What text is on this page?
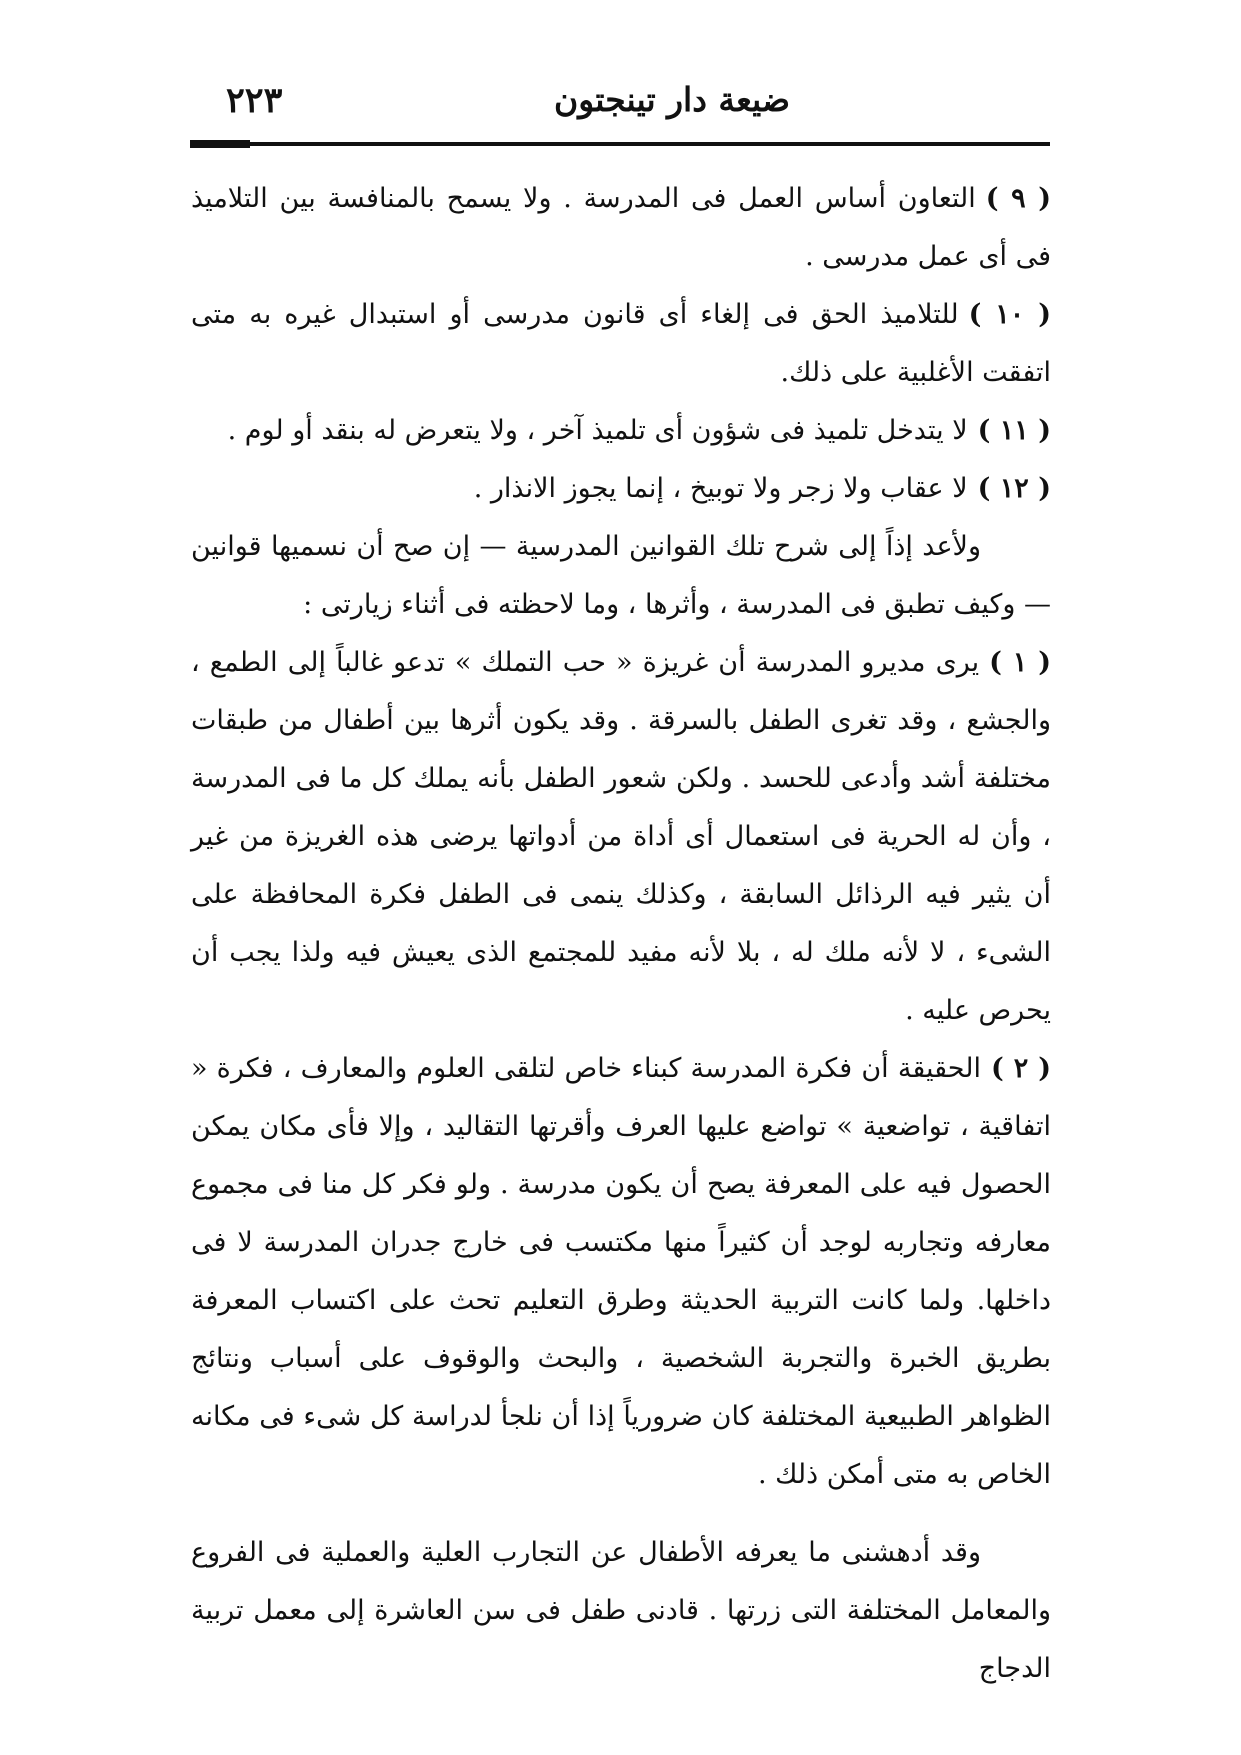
ضيعة دار تينجتون
٢٢٣

( ٩ )التعاون أساس العمل فى المدرسة . ولا يسمح بالمنافسة بين التلاميذ فى أى عمل مدرسى .

( ١٠ )للتلاميذ الحق فى إلغاء أى قانون مدرسى أو استبدال غيره به متى اتفقت الأغلبية على ذلك.

( ١١ )لا يتدخل تلميذ فى شؤون أى تلميذ آخر ، ولا يتعرض له بنقد أو لوم .

( ١٢ )لا عقاب ولا زجر ولا توبيخ ، إنما يجوز الانذار .

ولأعد إذاً إلى شرح تلك القوانين المدرسية — إن صح أن نسميها قوانين — وكيف تطبق فى المدرسة ، وأثرها ، وما لاحظته فى أثناء زيارتى :

( ١ )يرى مديرو المدرسة أن غريزة « حب التملك » تدعو غالباً إلى الطمع ، والجشع ، وقد تغرى الطفل بالسرقة . وقد يكون أثرها بين أطفال من طبقات مختلفة أشد وأدعى للحسد . ولكن شعور الطفل بأنه يملك كل ما فى المدرسة ، وأن له الحرية فى استعمال أى أداة من أدواتها يرضى هذه الغريزة من غير أن يثير فيه الرذائل السابقة ، وكذلك ينمى فى الطفل فكرة المحافظة على الشىء ، لا لأنه ملك له ، بلا لأنه مفيد للمجتمع الذى يعيش فيه ولذا يجب أن يحرص عليه .

( ٢ )الحقيقة أن فكرة المدرسة كبناء خاص لتلقى العلوم والمعارف ، فكرة « اتفاقية ، تواضعية » تواضع عليها العرف وأقرتها التقاليد ، وإلا فأى مكان يمكن الحصول فيه على المعرفة يصح أن يكون مدرسة . ولو فكر كل منا فى مجموع معارفه وتجاربه لوجد أن كثيراً منها مكتسب فى خارج جدران المدرسة لا فى داخلها. ولما كانت التربية الحديثة وطرق التعليم تحث على اكتساب المعرفة بطريق الخبرة والتجربة الشخصية ، والبحث والوقوف على أسباب ونتائج الظواهر الطبيعية المختلفة كان ضرورياً إذا أن نلجأ لدراسة كل شىء فى مكانه الخاص به متى أمكن ذلك .

وقد أدهشنى ما يعرفه الأطفال عن التجارب العلية والعملية فى الفروع والمعامل المختلفة التى زرتها . قادنى طفل فى سن العاشرة إلى معمل تربية الدجاج
